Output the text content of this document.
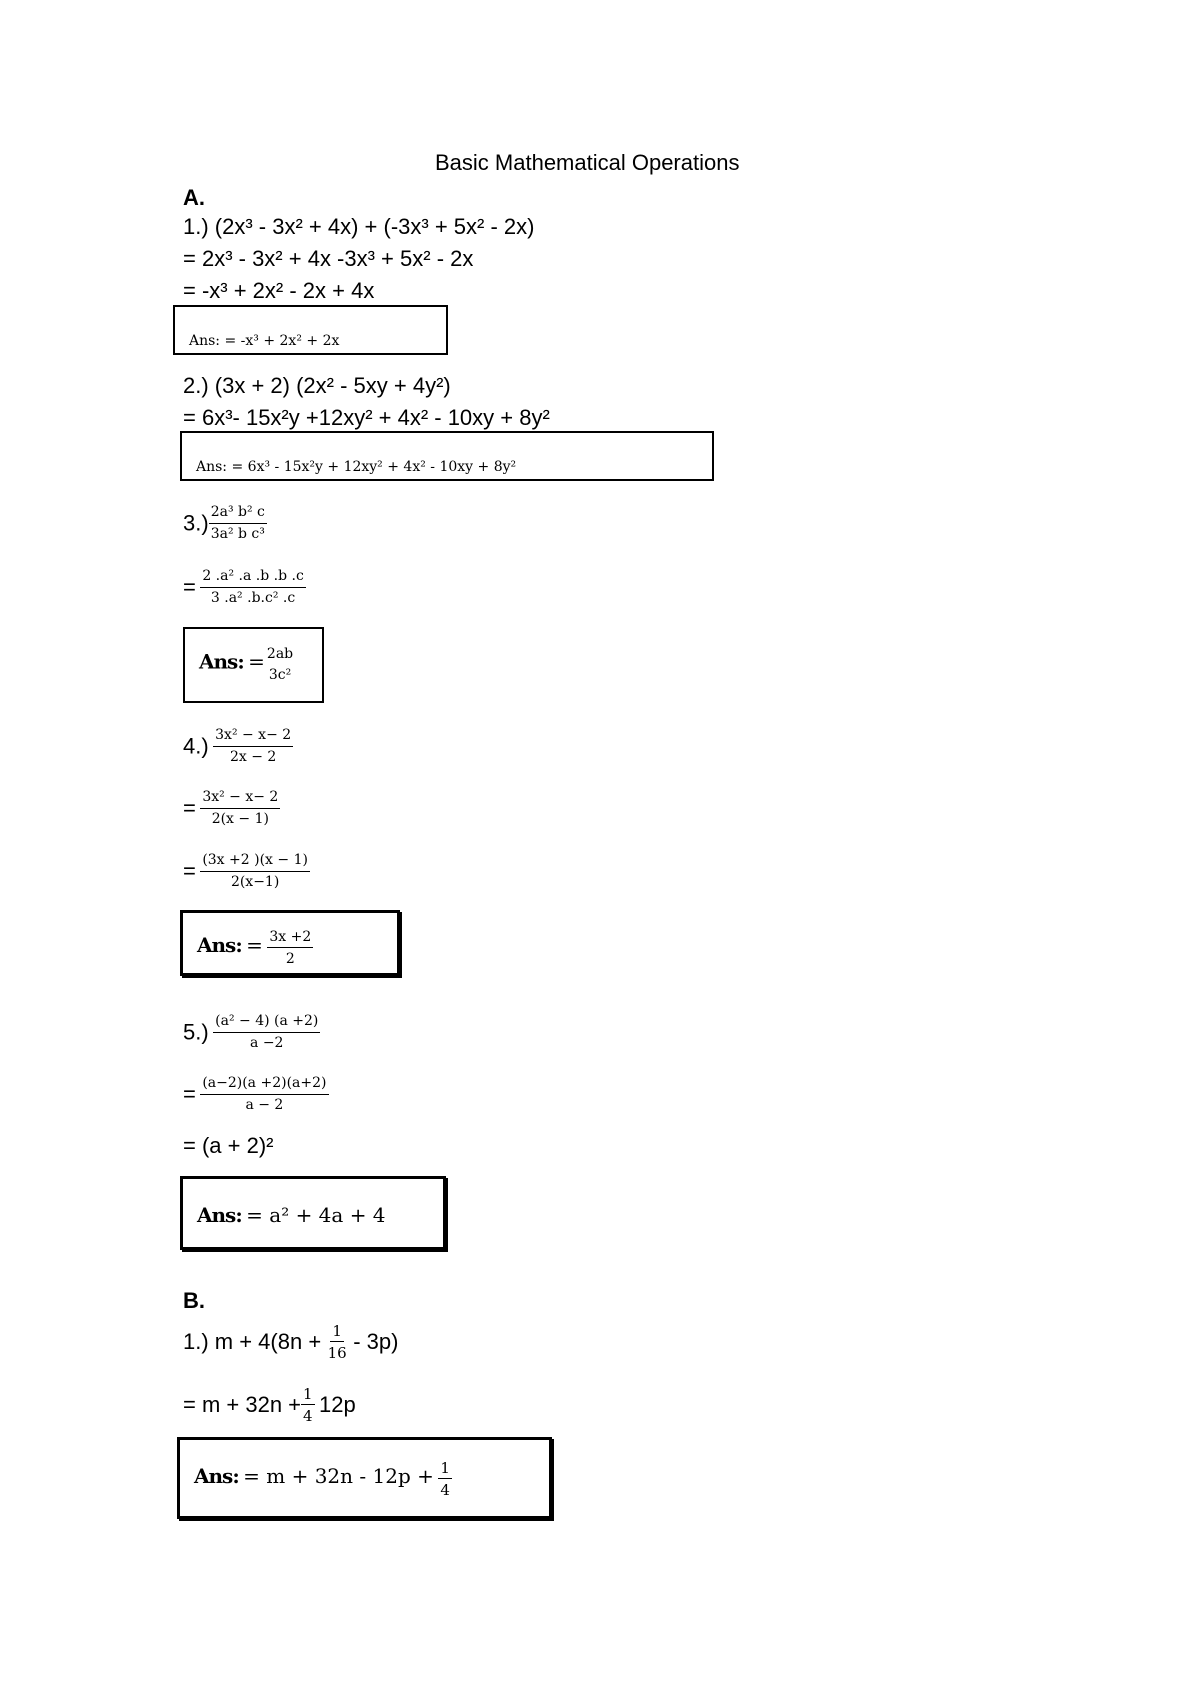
Basic Mathematical Operations
A.
1.) (2x³ - 3x² + 4x) + (-3x³ + 5x² - 2x)
= 2x³ - 3x² + 4x -3x³ + 5x² - 2x
= -x³ + 2x² - 2x + 4x
Ans: = -x³ + 2x² + 2x
2.) (3x + 2) (2x² - 5xy + 4y²)
= 6x³- 15x²y +12xy² + 4x² - 10xy + 8y²
Ans: = 6x³ - 15x²y + 12xy² + 4x² - 10xy + 8y²
$3.) \frac{\text{2a³ b² c}}{\text{3a² b c³}}$
= $\frac{\text{2 .a² .a .b .b .c}}{\text{3 .a² .b.c² .c}}$
Ans: = 2ab
3c²
$4.) \frac{\text{3x² − x− 2}}{2x - 2}$
= $\frac{\text{3x² − x− 2}}{2(x - 1)}$
= $\frac{(3x +2 )(x - 1)}{2(x-1)}$
Ans: = $\frac{3x +2}{2}$
$5.) \frac{\text{(a² − 4) (a +2)}}{a -2}$
= $\frac{(a-2)(a +2)(a+2)}{a - 2}$
= (a + 2)²
Ans: = a² + 4a + 4
B.
1.) $m + 4(8n + \frac{1}{16} - 3p)$
= $m + 32n + \frac{1}{4} 12p$
Ans: = $m + 32n - 12p + \frac{1}{4}$
